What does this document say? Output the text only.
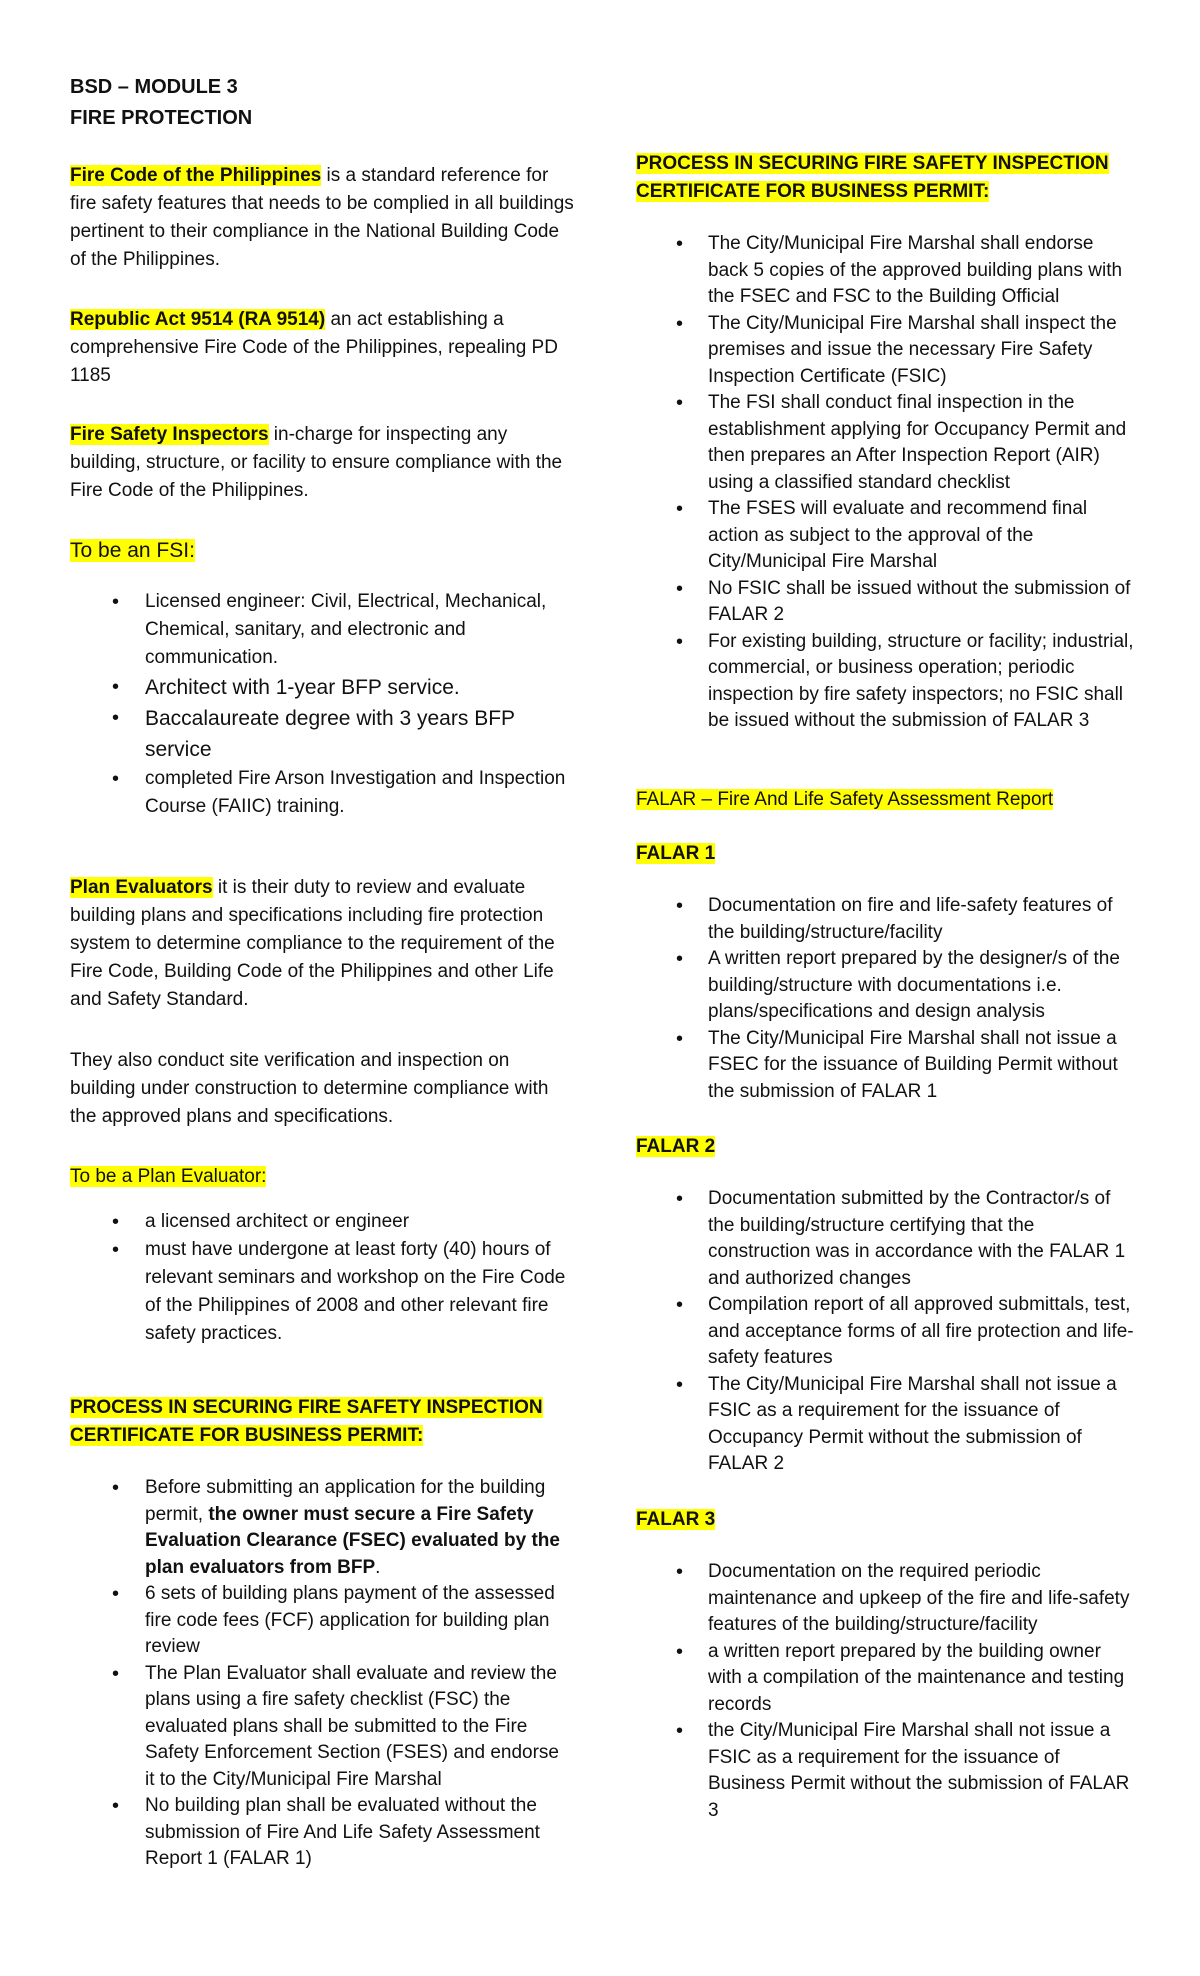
BSD – MODULE 3
FIRE PROTECTION

Fire Code of the Philippines is a standard reference for fire safety features that needs to be complied in all buildings pertinent to their compliance in the National Building Code of the Philippines.

Republic Act 9514 (RA 9514) an act establishing a comprehensive Fire Code of the Philippines, repealing PD 1185

Fire Safety Inspectors in-charge for inspecting any building, structure, or facility to ensure compliance with the Fire Code of the Philippines.

To be an FSI:

• Licensed engineer: Civil, Electrical, Mechanical, Chemical, sanitary, and electronic and communication.
• Architect with 1-year BFP service.
• Baccalaureate degree with 3 years BFP service
• completed Fire Arson Investigation and Inspection Course (FAIIC) training.

Plan Evaluators it is their duty to review and evaluate building plans and specifications including fire protection system to determine compliance to the requirement of the Fire Code, Building Code of the Philippines and other Life and Safety Standard.

They also conduct site verification and inspection on building under construction to determine compliance with the approved plans and specifications.

To be a Plan Evaluator:

• a licensed architect or engineer
• must have undergone at least forty (40) hours of relevant seminars and workshop on the Fire Code of the Philippines of 2008 and other relevant fire safety practices.

PROCESS IN SECURING FIRE SAFETY INSPECTION CERTIFICATE FOR BUSINESS PERMIT:

• Before submitting an application for the building permit, the owner must secure a Fire Safety Evaluation Clearance (FSEC) evaluated by the plan evaluators from BFP.
• 6 sets of building plans payment of the assessed fire code fees (FCF) application for building plan review
• The Plan Evaluator shall evaluate and review the plans using a fire safety checklist (FSC) the evaluated plans shall be submitted to the Fire Safety Enforcement Section (FSES) and endorse it to the City/Municipal Fire Marshal
• No building plan shall be evaluated without the submission of Fire And Life Safety Assessment Report 1 (FALAR 1)

PROCESS IN SECURING FIRE SAFETY INSPECTION CERTIFICATE FOR BUSINESS PERMIT:

• The City/Municipal Fire Marshal shall endorse back 5 copies of the approved building plans with the FSEC and FSC to the Building Official
• The City/Municipal Fire Marshal shall inspect the premises and issue the necessary Fire Safety Inspection Certificate (FSIC)
• The FSI shall conduct final inspection in the establishment applying for Occupancy Permit and then prepares an After Inspection Report (AIR) using a classified standard checklist
• The FSES will evaluate and recommend final action as subject to the approval of the City/Municipal Fire Marshal
• No FSIC shall be issued without the submission of FALAR 2
• For existing building, structure or facility; industrial, commercial, or business operation; periodic inspection by fire safety inspectors; no FSIC shall be issued without the submission of FALAR 3

FALAR – Fire And Life Safety Assessment Report

FALAR 1

• Documentation on fire and life-safety features of the building/structure/facility
• A written report prepared by the designer/s of the building/structure with documentations i.e. plans/specifications and design analysis
• The City/Municipal Fire Marshal shall not issue a FSEC for the issuance of Building Permit without the submission of FALAR 1

FALAR 2

• Documentation submitted by the Contractor/s of the building/structure certifying that the construction was in accordance with the FALAR 1 and authorized changes
• Compilation report of all approved submittals, test, and acceptance forms of all fire protection and life-safety features
• The City/Municipal Fire Marshal shall not issue a FSIC as a requirement for the issuance of Occupancy Permit without the submission of FALAR 2

FALAR 3

• Documentation on the required periodic maintenance and upkeep of the fire and life-safety features of the building/structure/facility
• a written report prepared by the building owner with a compilation of the maintenance and testing records
• the City/Municipal Fire Marshal shall not issue a FSIC as a requirement for the issuance of Business Permit without the submission of FALAR 3
